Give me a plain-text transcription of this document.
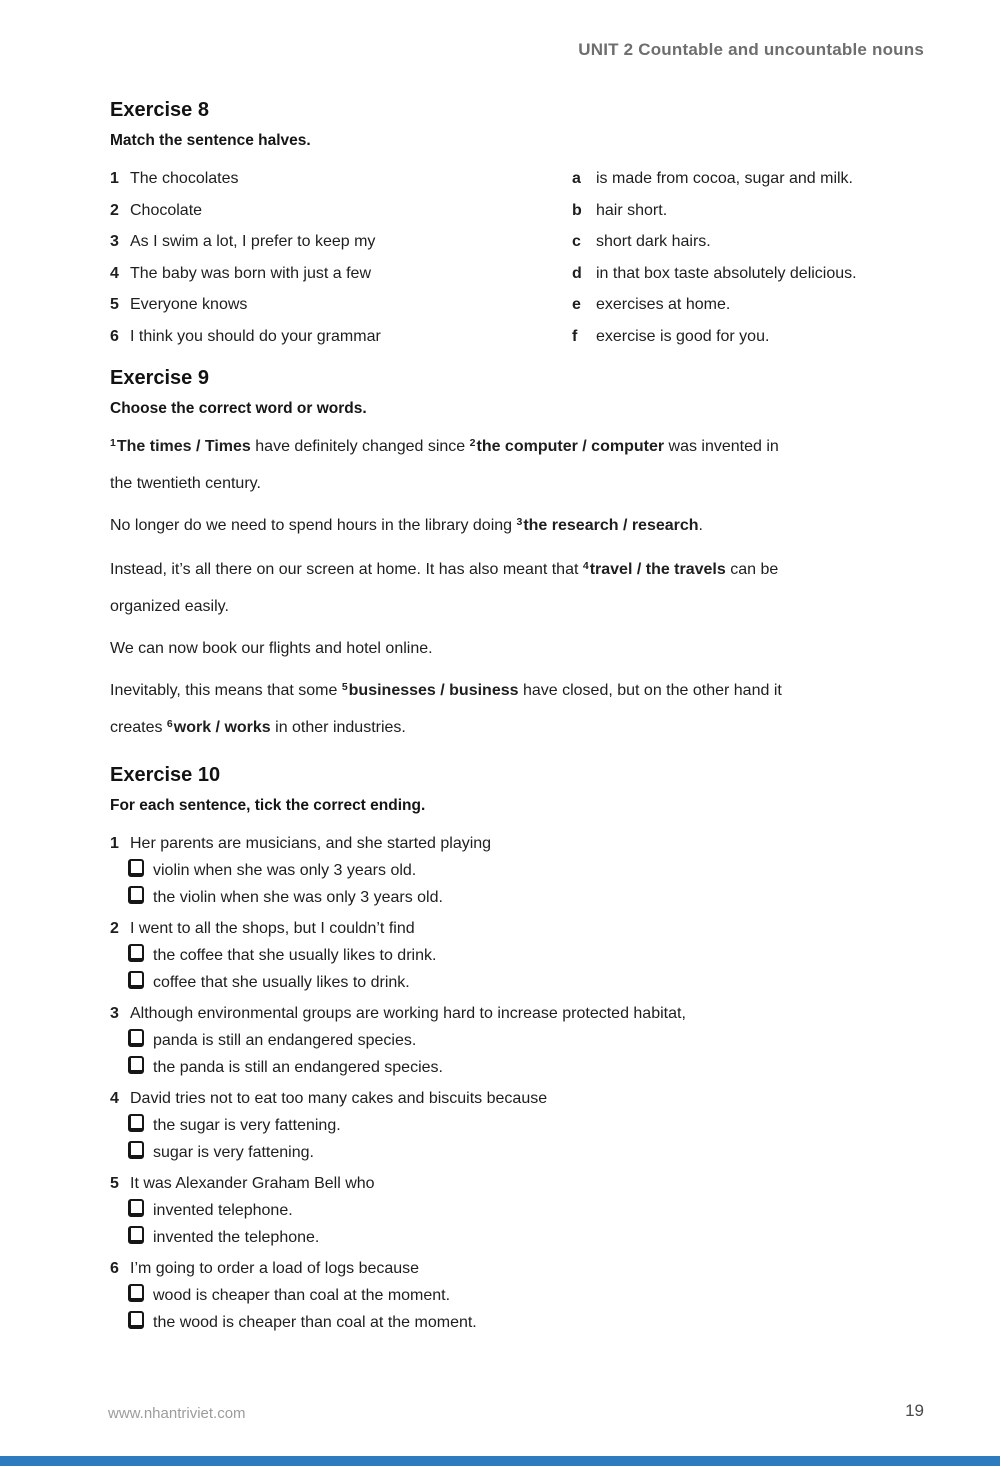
UNIT 2 Countable and uncountable nouns
Exercise 8

Match the sentence halves.

1 The chocolates	a is made from cocoa, sugar and milk.
2 Chocolate	b hair short.
3 As I swim a lot, I prefer to keep my	c short dark hairs.
4 The baby was born with just a few	d in that box taste absolutely delicious.
5 Everyone knows	e exercises at home.
6 I think you should do your grammar	f exercise is good for you.
Exercise 9

Choose the correct word or words.

$^1$The times / Times have definitely changed since $^2$the computer / computer was invented in
the twentieth century.
No longer do we need to spend hours in the library doing $^3$the research / research.
Instead, it’s all there on our screen at home. It has also meant that $^4$travel / the travels can be
organized easily.
We can now book our flights and hotel online.
Inevitably, this means that some $^5$businesses / business have closed, but on the other hand it
creates $^6$work / works in other industries.
Exercise 10

For each sentence, tick the correct ending.

1 Her parents are musicians, and she started playing
violin when she was only 3 years old.
the violin when she was only 3 years old.
2 I went to all the shops, but I couldn’t find
the coffee that she usually likes to drink.
coffee that she usually likes to drink.
3 Although environmental groups are working hard to increase protected habitat,
panda is still an endangered species.
the panda is still an endangered species.
4 David tries not to eat too many cakes and biscuits because
the sugar is very fattening.
sugar is very fattening.
5 It was Alexander Graham Bell who
invented telephone.
invented the telephone.
6 I’m going to order a load of logs because
wood is cheaper than coal at the moment.
the wood is cheaper than coal at the moment.
www.nhantriviet.com	19
